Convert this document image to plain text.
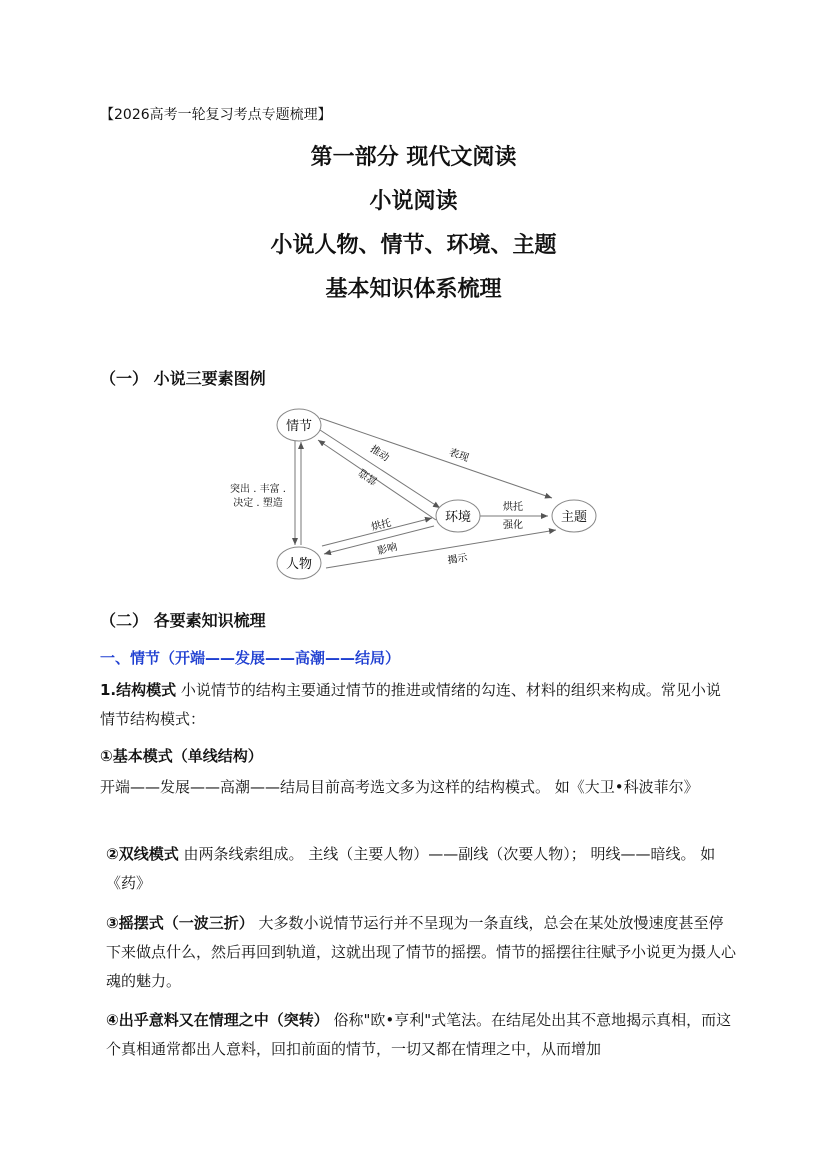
【2026高考一轮复习考点专题梳理】
第一部分 现代文阅读
小说阅读
小说人物、情节、环境、主题
基本知识体系梳理
（一） 小说三要素图例
情节
环境	主题
人物
表现
推动
营造
突出 . 丰富 .
决定 . 塑造
烘托
影响
烘托
强化
揭示
（二） 各要素知识梳理
一、情节（开端——发展——高潮——结局）
1.结构模式 小说情节的结构主要通过情节的推进或情绪的勾连、材料的组织来构成。常见小说情节结构模式：
①基本模式（单线结构）
开端——发展——高潮——结局目前高考选文多为这样的结构模式。 如《大卫•科波菲尔》
②双线模式 由两条线索组成。 主线（主要人物）——副线（次要人物）； 明线——暗线。 如《药》
③摇摆式（一波三折） 大多数小说情节运行并不呈现为一条直线，总会在某处放慢速度甚至停下来做点什么，然后再回到轨道，这就出现了情节的摇摆。情节的摇摆往往赋予小说更为摄人心魂的魅力。
④出乎意料又在情理之中（突转） 俗称"欧•亨利"式笔法。在结尾处出其不意地揭示真相，而这个真相通常都出人意料，回扣前面的情节，一切又都在情理之中，从而增加
